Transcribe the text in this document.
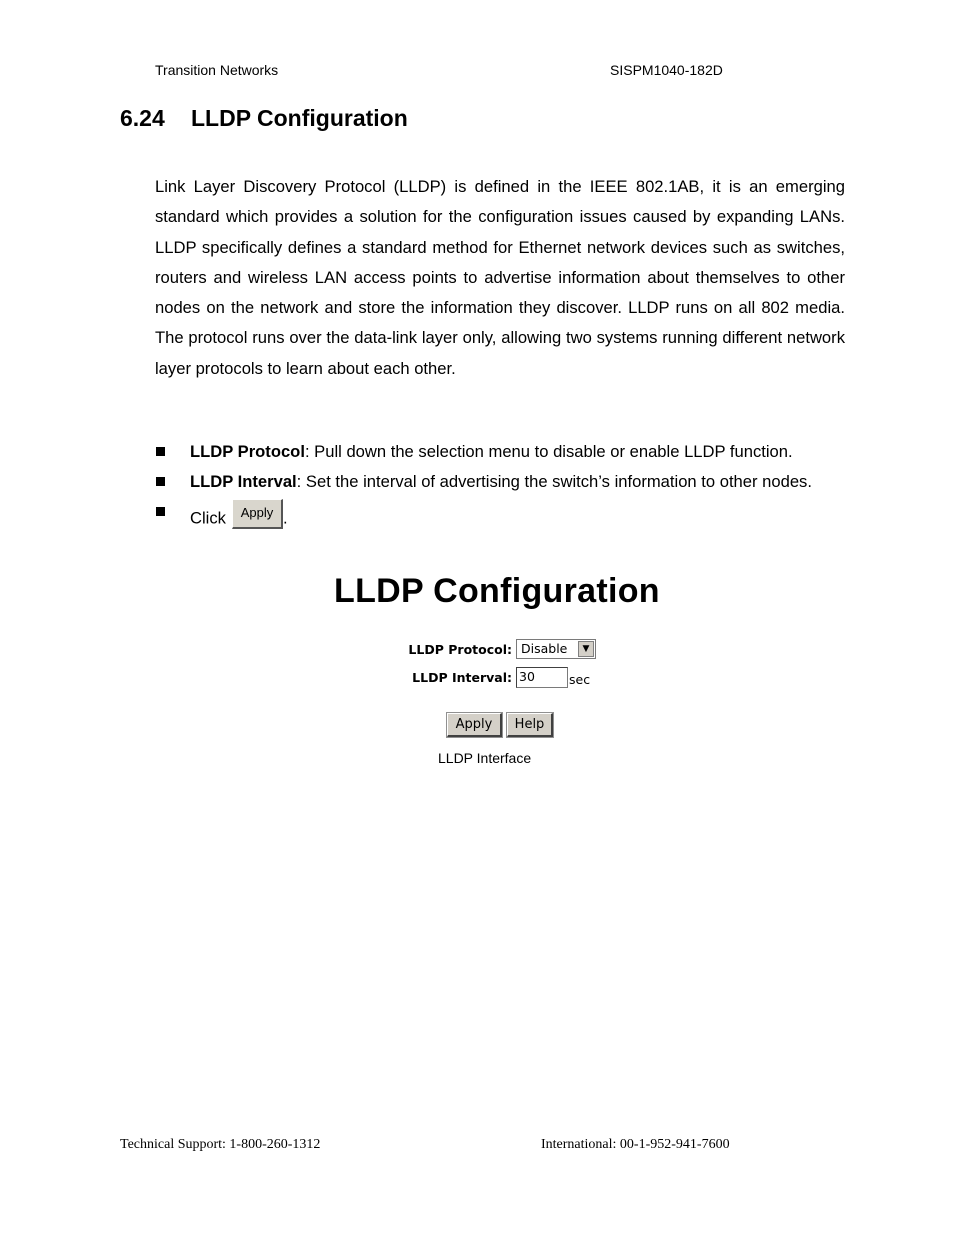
Transition Networks	SISPM1040-182D
6.24 LLDP Configuration

Link Layer Discovery Protocol (LLDP) is defined in the IEEE 802.1AB, it is an emerging standard which provides a solution for the configuration issues caused by expanding LANs. LLDP specifically defines a standard method for Ethernet network devices such as switches, routers and wireless LAN access points to advertise information about themselves to other nodes on the network and store the information they discover. LLDP runs on all 802 media. The protocol runs over the data-link layer only, allowing two systems running different network layer protocols to learn about each other.

LLDP Protocol: Pull down the selection menu to disable or enable LLDP function.
LLDP Interval: Set the interval of advertising the switch’s information to other nodes.
Click Apply .
LLDP Configuration
LLDP Protocol: Disable	▼
LLDP Interval: 30	sec
Apply	Help
LLDP Interface
Technical Support: 1-800-260-1312	International: 00-1-952-941-7600
